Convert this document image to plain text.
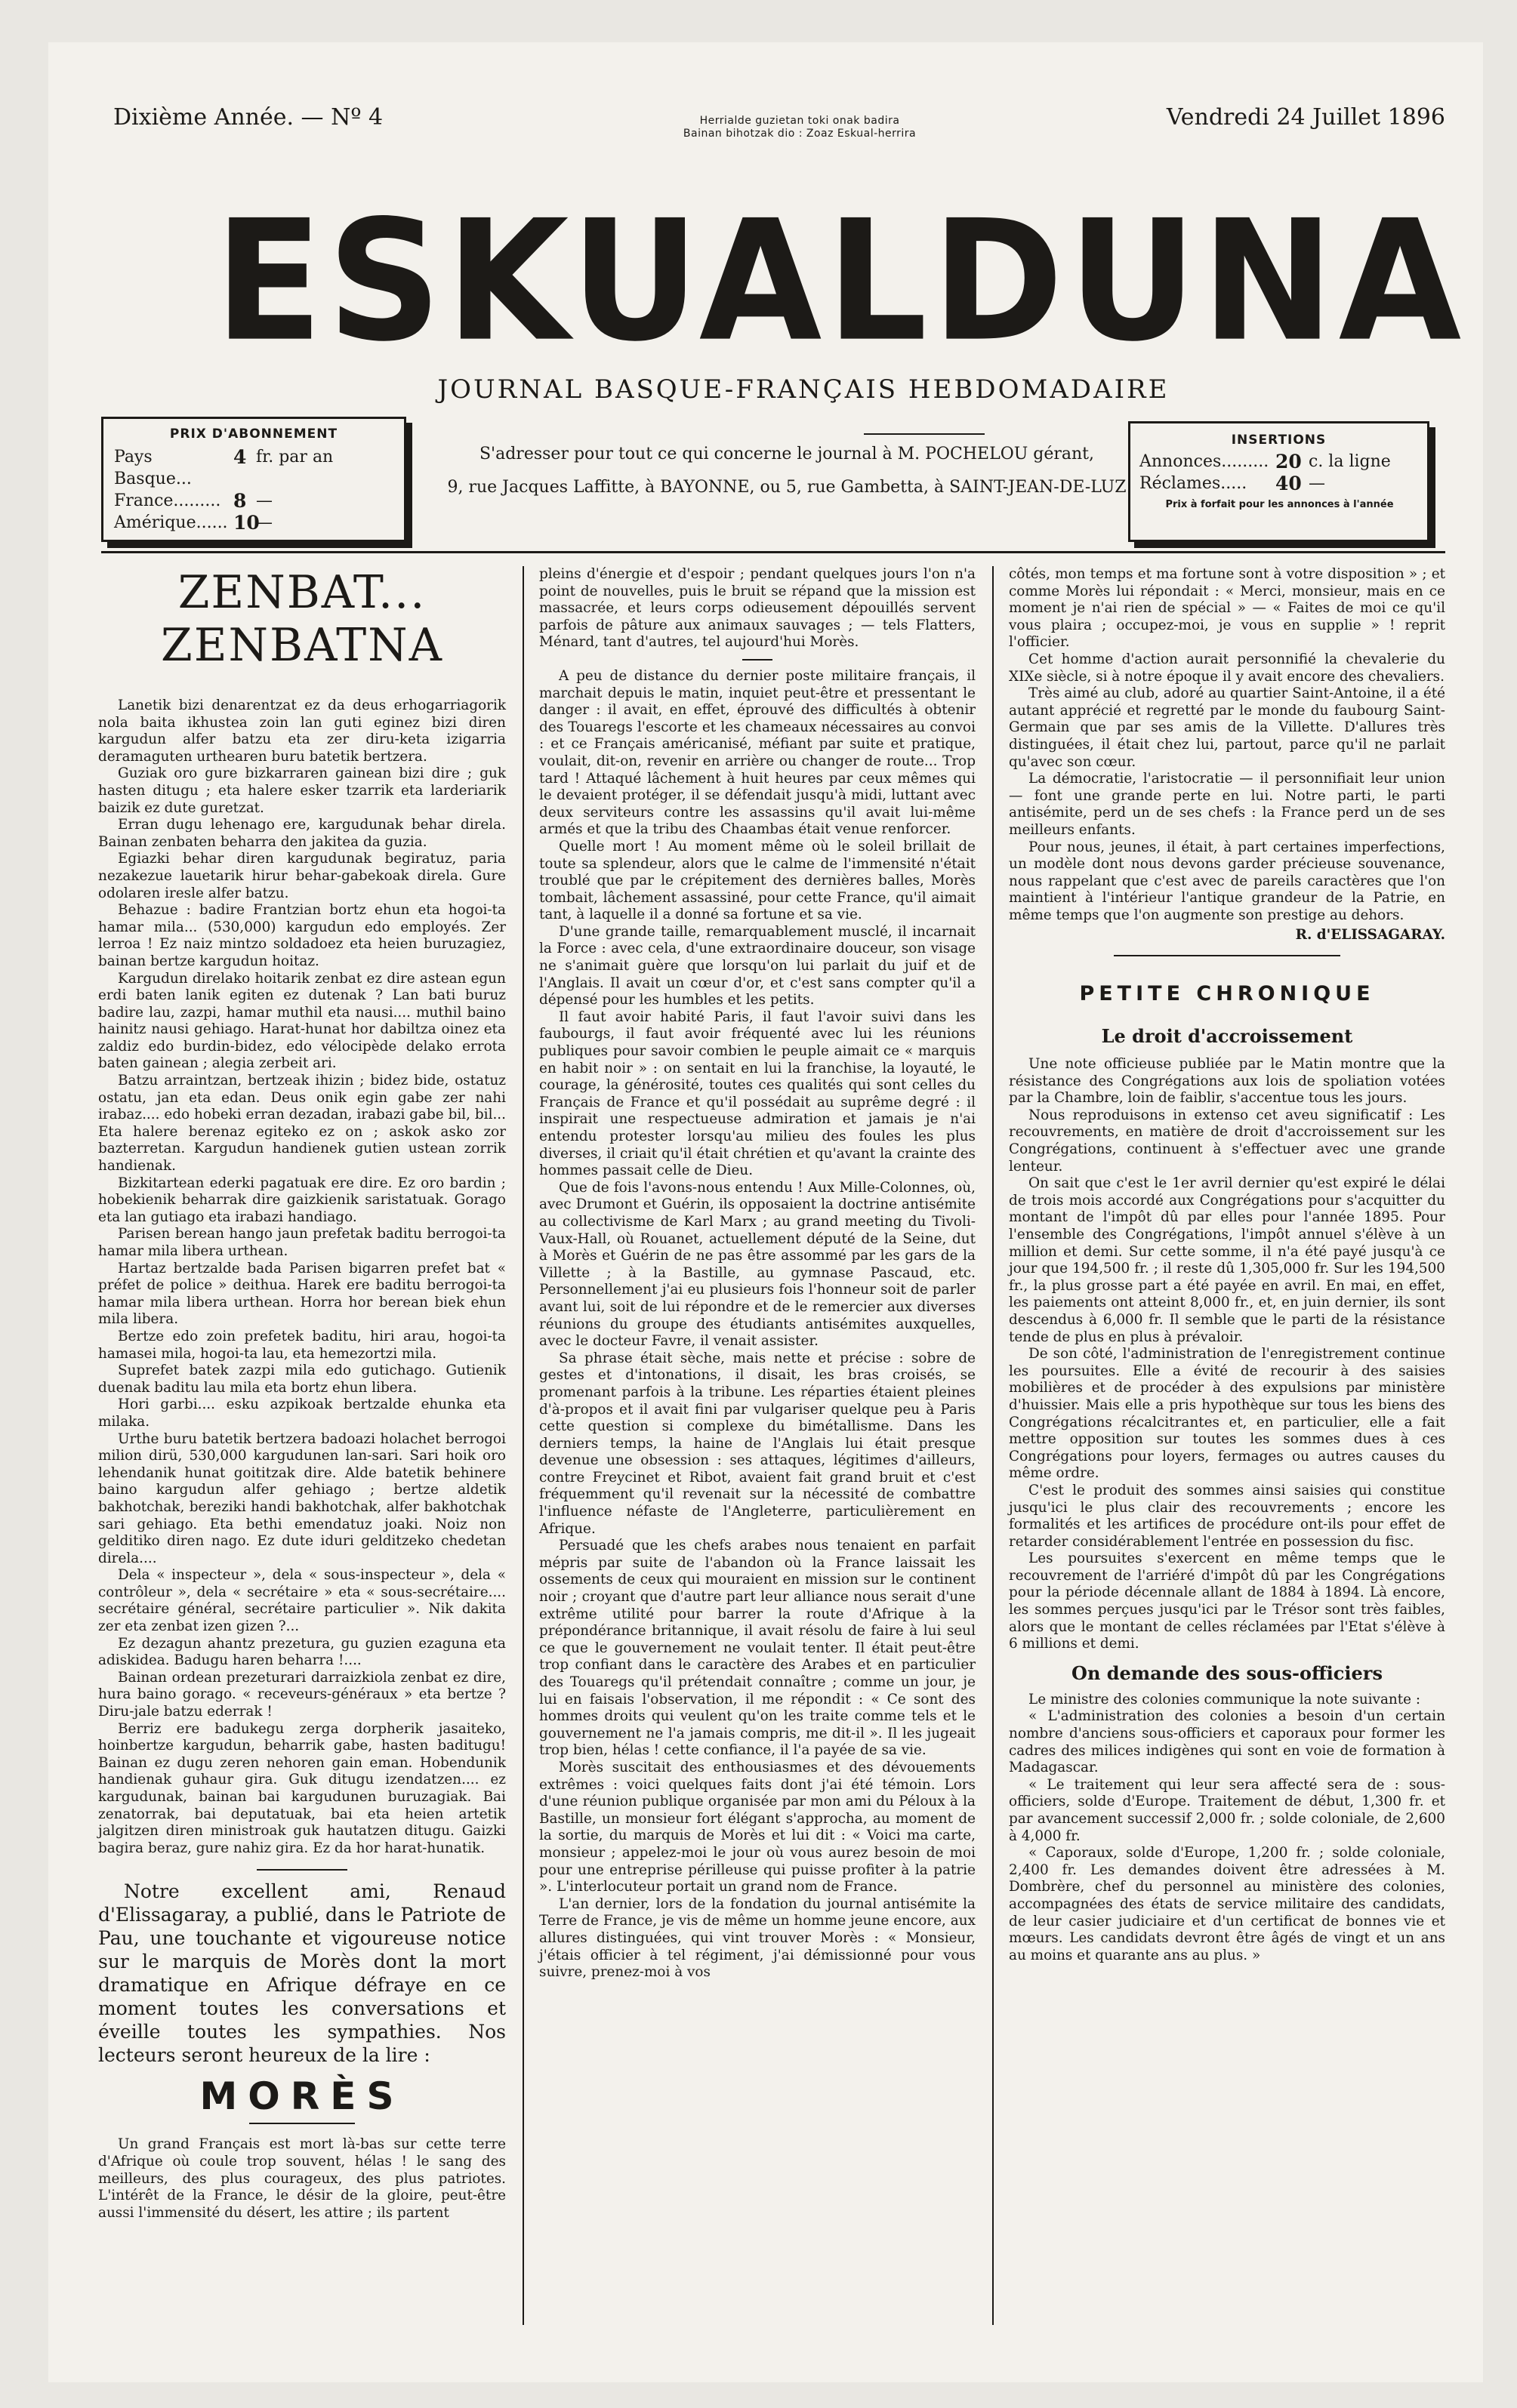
Dixième Année. — Nº 4	Herrialde guzietan toki onak badira
Bainan bihotzak dio : Zoaz Eskual-herrira
Vendredi 24 Juillet 1896
ESKUALDUNA
JOURNAL BASQUE-FRANÇAIS HEBDOMADAIRE
PRIX D'ABONNEMENT
Pays Basque...
4 fr. par an
France......... 8 —
Amérique...... 10
—
S'adresser pour tout ce qui concerne le journal à M. POCHELOU gérant,
9, rue Jacques Laffitte, à BAYONNE, ou 5, rue Gambetta, à SAINT-JEAN-DE-LUZ
INSERTIONS
Annonces......... 20 c. la ligne
Réclames.....	40 —
Prix à forfait pour les annonces à l'année
ZENBAT... ZENBATNA

Lanetik bizi denarentzat ez da deus erhogarriagorik nola baita ikhustea zoin lan guti eginez bizi diren kargudun alfer batzu eta zer diru-keta izigarria deramaguten urthearen buru batetik bertzera.

Guziak oro gure bizkarraren gainean bizi dire ; guk hasten ditugu ; eta halere esker tzarrik eta larderiarik baizik ez dute guretzat.

Erran dugu lehenago ere, kargudunak behar direla. Bainan zenbaten beharra den jakitea da guzia.

Egiazki behar diren kargudunak begiratuz, paria nezakezue lauetarik hirur behar-gabekoak direla. Gure odolaren iresle alfer batzu.

Behazue : badire Frantzian bortz ehun eta hogoi-ta hamar mila... (530,000) kargudun edo employés. Zer lerroa ! Ez naiz mintzo soldadoez eta heien buruzagiez, bainan bertze kargudun hoitaz.

Kargudun direlako hoitarik zenbat ez dire astean egun erdi baten lanik egiten ez dutenak ? Lan bati buruz badire lau, zazpi, hamar muthil eta nausi.... muthil baino hainitz nausi gehiago. Harat-hunat hor dabiltza oinez eta zaldiz edo burdin-bidez, edo vélocipède delako errota baten gainean ; alegia zerbeit ari.

Batzu arraintzan, bertzeak ihizin ; bidez bide, ostatuz ostatu, jan eta edan. Deus onik egin gabe zer nahi irabaz.... edo hobeki erran dezadan, irabazi gabe bil, bil... Eta halere berenaz egiteko ez on ; askok asko zor bazterretan. Kargudun handienek gutien ustean zorrik handienak.

Bizkitartean ederki pagatuak ere dire. Ez oro bardin ; hobekienik beharrak dire gaizkienik saristatuak. Gorago eta lan gutiago eta irabazi handiago.

Parisen berean hango jaun prefetak baditu berrogoi-ta hamar mila libera urthean.

Hartaz bertzalde bada Parisen bigarren prefet bat « préfet de police » deithua. Harek ere baditu berrogoi-ta hamar mila libera urthean. Horra hor berean biek ehun mila libera.

Bertze edo zoin prefetek baditu, hiri arau, hogoi-ta hamasei mila, hogoi-ta lau, eta hemezortzi mila.

Suprefet batek zazpi mila edo gutichago. Gutienik duenak baditu lau mila eta bortz ehun libera.

Hori garbi.... esku azpikoak bertzalde ehunka eta milaka.

Urthe buru batetik bertzera badoazi holachet berrogoi milion dirü, 530,000 kargudunen lan-sari. Sari hoik oro lehendanik hunat goititzak dire. Alde batetik behinere baino kargudun alfer gehiago ; bertze aldetik bakhotchak, bereziki handi bakhotchak, alfer bakhotchak sari gehiago. Eta bethi emendatuz joaki. Noiz non gelditiko diren nago. Ez dute iduri gelditzeko chedetan direla....

Dela « inspecteur », dela « sous-inspecteur », dela « contrôleur », dela « secrétaire » eta « sous-secrétaire.... secrétaire général, secrétaire particulier ». Nik dakita zer eta zenbat izen gizen ?...

Ez dezagun ahantz prezetura, gu guzien ezaguna eta adiskidea. Badugu haren beharra !....

Bainan ordean prezeturari darraizkiola zenbat ez dire, hura baino gorago. « receveurs-généraux » eta bertze ? Diru-jale batzu ederrak !

Berriz ere badukegu zerga dorpherik jasaiteko, hoinbertze kargudun, beharrik gabe, hasten baditugu! Bainan ez dugu zeren nehoren gain eman. Hobendunik handienak guhaur gira. Guk ditugu izendatzen.... ez kargudunak, bainan bai kargudunen buruzagiak. Bai zenatorrak, bai deputatuak, bai eta heien artetik jalgitzen diren ministroak guk hautatzen ditugu. Gaizki bagira beraz, gure nahiz gira. Ez da hor harat-hunatik.

Notre excellent ami, Renaud d'Elissagaray, a publié, dans le Patriote de Pau, une touchante et vigoureuse notice sur le marquis de Morès dont la mort dramatique en Afrique défraye en ce moment toutes les conversations et éveille toutes les sympathies. Nos lecteurs seront heureux de la lire :

MORÈS

Un grand Français est mort là-bas sur cette terre d'Afrique où coule trop souvent, hélas ! le sang des meilleurs, des plus courageux, des plus patriotes. L'intérêt de la France, le désir de la gloire, peut-être aussi l'immensité du désert, les attire ; ils partent

pleins d'énergie et d'espoir ; pendant quelques jours l'on n'a point de nouvelles, puis le bruit se répand que la mission est massacrée, et leurs corps odieusement dépouillés servent parfois de pâture aux animaux sauvages ; — tels Flatters, Ménard, tant d'autres, tel aujourd'hui Morès.

A peu de distance du dernier poste militaire français, il marchait depuis le matin, inquiet peut-être et pressentant le danger : il avait, en effet, éprouvé des difficultés à obtenir des Touaregs l'escorte et les chameaux nécessaires au convoi : et ce Français américanisé, méfiant par suite et pratique, voulait, dit-on, revenir en arrière ou changer de route... Trop tard ! Attaqué lâchement à huit heures par ceux mêmes qui le devaient protéger, il se défendait jusqu'à midi, luttant avec deux serviteurs contre les assassins qu'il avait lui-même armés et que la tribu des Chaambas était venue renforcer.

Quelle mort ! Au moment même où le soleil brillait de toute sa splendeur, alors que le calme de l'immensité n'était troublé que par le crépitement des dernières balles, Morès tombait, lâchement assassiné, pour cette France, qu'il aimait tant, à laquelle il a donné sa fortune et sa vie.

D'une grande taille, remarquablement musclé, il incarnait la Force : avec cela, d'une extraordinaire douceur, son visage ne s'animait guère que lorsqu'on lui parlait du juif et de l'Anglais. Il avait un cœur d'or, et c'est sans compter qu'il a dépensé pour les humbles et les petits.

Il faut avoir habité Paris, il faut l'avoir suivi dans les faubourgs, il faut avoir fréquenté avec lui les réunions publiques pour savoir combien le peuple aimait ce « marquis en habit noir » : on sentait en lui la franchise, la loyauté, le courage, la générosité, toutes ces qualités qui sont celles du Français de France et qu'il possédait au suprême degré : il inspirait une respectueuse admiration et jamais je n'ai entendu protester lorsqu'au milieu des foules les plus diverses, il criait qu'il était chrétien et qu'avant la crainte des hommes passait celle de Dieu.

Que de fois l'avons-nous entendu ! Aux Mille-Colonnes, où, avec Drumont et Guérin, ils opposaient la doctrine antisémite au collectivisme de Karl Marx ; au grand meeting du Tivoli-Vaux-Hall, où Rouanet, actuellement député de la Seine, dut à Morès et Guérin de ne pas être assommé par les gars de la Villette ; à la Bastille, au gymnase Pascaud, etc. Personnellement j'ai eu plusieurs fois l'honneur soit de parler avant lui, soit de lui répondre et de le remercier aux diverses réunions du groupe des étudiants antisémites auxquelles, avec le docteur Favre, il venait assister.

Sa phrase était sèche, mais nette et précise : sobre de gestes et d'intonations, il disait, les bras croisés, se promenant parfois à la tribune. Les réparties étaient pleines d'à-propos et il avait fini par vulgariser quelque peu à Paris cette question si complexe du bimétallisme. Dans les derniers temps, la haine de l'Anglais lui était presque devenue une obsession : ses attaques, légitimes d'ailleurs, contre Freycinet et Ribot, avaient fait grand bruit et c'est fréquemment qu'il revenait sur la nécessité de combattre l'influence néfaste de l'Angleterre, particulièrement en Afrique.

Persuadé que les chefs arabes nous tenaient en parfait mépris par suite de l'abandon où la France laissait les ossements de ceux qui mouraient en mission sur le continent noir ; croyant que d'autre part leur alliance nous serait d'une extrême utilité pour barrer la route d'Afrique à la prépondérance britannique, il avait résolu de faire à lui seul ce que le gouvernement ne voulait tenter. Il était peut-être trop confiant dans le caractère des Arabes et en particulier des Touaregs qu'il prétendait connaître ; comme un jour, je lui en faisais l'observation, il me répondit : « Ce sont des hommes droits qui veulent qu'on les traite comme tels et le gouvernement ne l'a jamais compris, me dit-il ». Il les jugeait trop bien, hélas ! cette confiance, il l'a payée de sa vie.

Morès suscitait des enthousiasmes et des dévouements extrêmes : voici quelques faits dont j'ai été témoin. Lors d'une réunion publique organisée par mon ami du Péloux à la Bastille, un monsieur fort élégant s'approcha, au moment de la sortie, du marquis de Morès et lui dit : « Voici ma carte, monsieur ; appelez-moi le jour où vous aurez besoin de moi pour une entreprise périlleuse qui puisse profiter à la patrie ». L'interlocuteur portait un grand nom de France.

L'an dernier, lors de la fondation du journal antisémite la Terre de France, je vis de même un homme jeune encore, aux allures distinguées, qui vint trouver Morès : « Monsieur, j'étais officier à tel régiment, j'ai démissionné pour vous suivre, prenez-moi à vos

côtés, mon temps et ma fortune sont à votre disposition » ; et comme Morès lui répondait : « Merci, monsieur, mais en ce moment je n'ai rien de spécial » — « Faites de moi ce qu'il vous plaira ; occupez-moi, je vous en supplie » ! reprit l'officier.

Cet homme d'action aurait personnifié la chevalerie du XIXe siècle, si à notre époque il y avait encore des chevaliers.

Très aimé au club, adoré au quartier Saint-Antoine, il a été autant apprécié et regretté par le monde du faubourg Saint-Germain que par ses amis de la Villette. D'allures très distinguées, il était chez lui, partout, parce qu'il ne parlait qu'avec son cœur.

La démocratie, l'aristocratie — il personnifiait leur union — font une grande perte en lui. Notre parti, le parti antisémite, perd un de ses chefs : la France perd un de ses meilleurs enfants.

Pour nous, jeunes, il était, à part certaines imperfections, un modèle dont nous devons garder précieuse souvenance, nous rappelant que c'est avec de pareils caractères que l'on maintient à l'intérieur l'antique grandeur de la Patrie, en même temps que l'on augmente son prestige au dehors.

R. d'ELISSAGARAY.
PETITE CHRONIQUE
Le droit d'accroissement

Une note officieuse publiée par le Matin montre que la résistance des Congrégations aux lois de spoliation votées par la Chambre, loin de faiblir, s'accentue tous les jours.

Nous reproduisons in extenso cet aveu significatif : Les recouvrements, en matière de droit d'accroissement sur les Congrégations, continuent à s'effectuer avec une grande lenteur.

On sait que c'est le 1er avril dernier qu'est expiré le délai de trois mois accordé aux Congrégations pour s'acquitter du montant de l'impôt dû par elles pour l'année 1895. Pour l'ensemble des Congrégations, l'impôt annuel s'élève à un million et demi. Sur cette somme, il n'a été payé jusqu'à ce jour que 194,500 fr. ; il reste dû 1,305,000 fr. Sur les 194,500 fr., la plus grosse part a été payée en avril. En mai, en effet, les paiements ont atteint 8,000 fr., et, en juin dernier, ils sont descendus à 6,000 fr. Il semble que le parti de la résistance tende de plus en plus à prévaloir.

De son côté, l'administration de l'enregistrement continue les poursuites. Elle a évité de recourir à des saisies mobilières et de procéder à des expulsions par ministère d'huissier. Mais elle a pris hypothèque sur tous les biens des Congrégations récalcitrantes et, en particulier, elle a fait mettre opposition sur toutes les sommes dues à ces Congrégations pour loyers, fermages ou autres causes du même ordre.

C'est le produit des sommes ainsi saisies qui constitue jusqu'ici le plus clair des recouvrements ; encore les formalités et les artifices de procédure ont-ils pour effet de retarder considérablement l'entrée en possession du fisc.

Les poursuites s'exercent en même temps que le recouvrement de l'arriéré d'impôt dû par les Congrégations pour la période décennale allant de 1884 à 1894. Là encore, les sommes perçues jusqu'ici par le Trésor sont très faibles, alors que le montant de celles réclamées par l'Etat s'élève à 6 millions et demi.

On demande des sous-officiers

Le ministre des colonies communique la note suivante :

« L'administration des colonies a besoin d'un certain nombre d'anciens sous-officiers et caporaux pour former les cadres des milices indigènes qui sont en voie de formation à Madagascar.

« Le traitement qui leur sera affecté sera de : sous-officiers, solde d'Europe. Traitement de début, 1,300 fr. et par avancement successif 2,000 fr. ; solde coloniale, de 2,600 à 4,000 fr.

« Caporaux, solde d'Europe, 1,200 fr. ; solde coloniale, 2,400 fr. Les demandes doivent être adressées à M. Dombrère, chef du personnel au ministère des colonies, accompagnées des états de service militaire des candidats, de leur casier judiciaire et d'un certificat de bonnes vie et mœurs. Les candidats devront être âgés de vingt et un ans au moins et quarante ans au plus. »
